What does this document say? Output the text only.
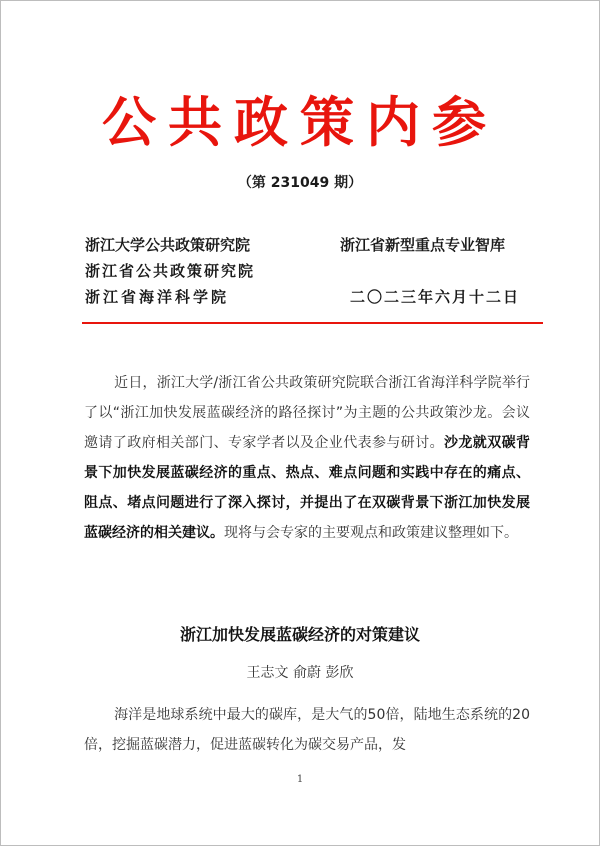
公共政策内参
（第 231049 期）
浙江大学公共政策研究院
浙江省公共政策研究院
浙江省海洋科学院
浙江省新型重点专业智库
二〇二三年六月十二日
近日，浙江大学/浙江省公共政策研究院联合浙江省海洋科学院举行了以“浙江加快发展蓝碳经济的路径探讨”为主题的公共政策沙龙。会议邀请了政府相关部门、专家学者以及企业代表参与研讨。沙龙就双碳背景下加快发展蓝碳经济的重点、热点、难点问题和实践中存在的痛点、阻点、堵点问题进行了深入探讨，并提出了在双碳背景下浙江加快发展蓝碳经济的相关建议。现将与会专家的主要观点和政策建议整理如下。
浙江加快发展蓝碳经济的对策建议
王志文 俞蔚 彭欣
海洋是地球系统中最大的碳库，是大气的50倍，陆地生态系统的20倍，挖掘蓝碳潜力，促进蓝碳转化为碳交易产品，发
1
